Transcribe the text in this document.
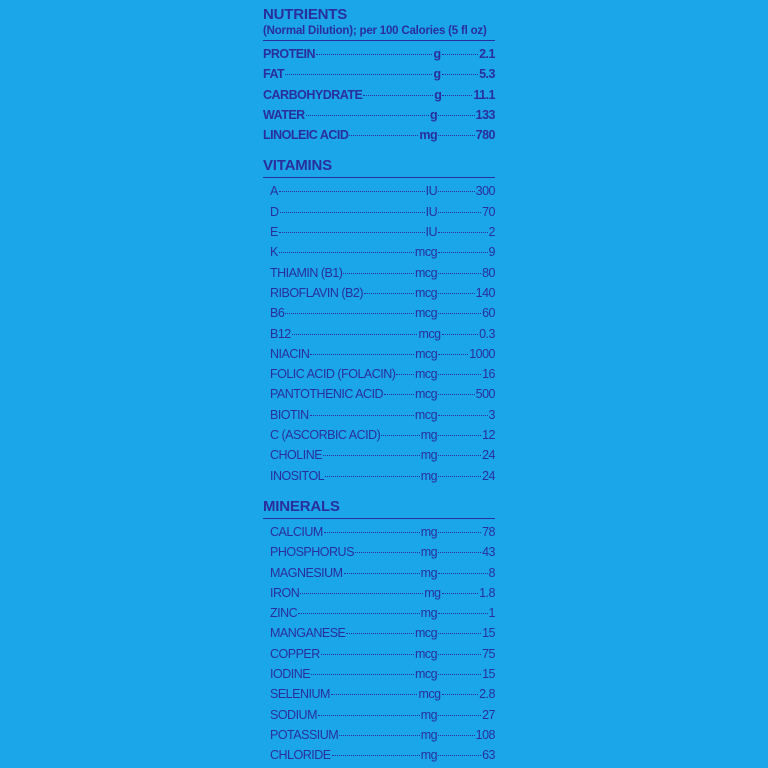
NUTRIENTS
(Normal Dilution); per 100 Calories (5 fl oz)
PROTEIN	g	2.1
FAT	g	5.3
CARBOHYDRATE	g	11.1
WATER	g	133
LINOLEIC ACID	mg	780
VITAMINS
A	IU	300
D	IU	70
E	IU	2
K	mcg	9
THIAMIN (B1)	mcg	80
RIBOFLAVIN (B2)	mcg	140
B6	mcg	60
B12	mcg	0.3
NIACIN	mcg	1000
FOLIC ACID (FOLACIN) mcg	16
PANTOTHENIC ACID	mcg	500
BIOTIN	mcg	3
C (ASCORBIC ACID)	mg	12
CHOLINE	mg	24
INOSITOL	mg	24
MINERALS
CALCIUM	mg	78
PHOSPHORUS	mg	43
MAGNESIUM	mg	8
IRON	mg	1.8
ZINC	mg	1
MANGANESE	mcg	15
COPPER	mcg	75
IODINE	mcg	15
SELENIUM	mcg	2.8
SODIUM	mg	27
POTASSIUM	mg	108
CHLORIDE	mg	63
